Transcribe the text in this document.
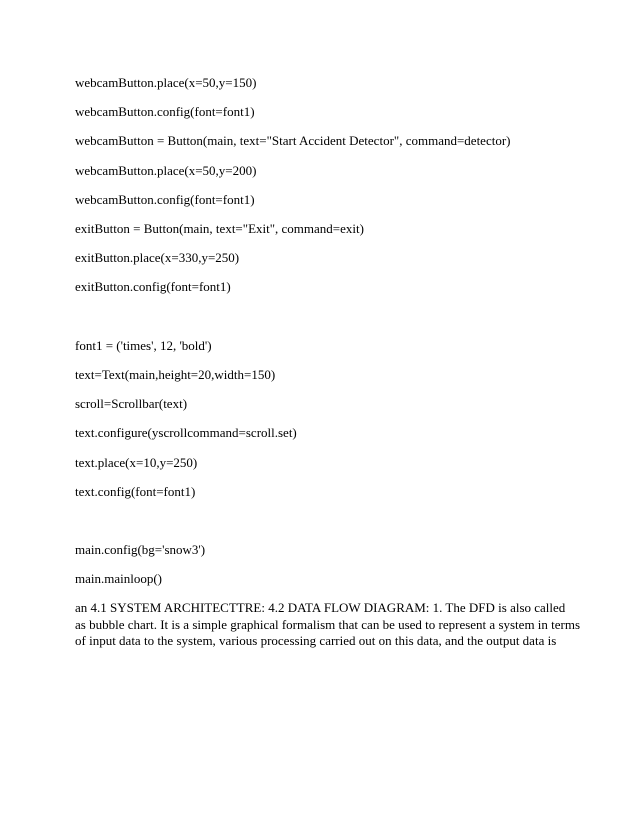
webcamButton.place(x=50,y=150)
webcamButton.config(font=font1)
webcamButton = Button(main, text="Start Accident Detector", command=detector)
webcamButton.place(x=50,y=200)
webcamButton.config(font=font1)
exitButton = Button(main, text="Exit", command=exit)
exitButton.place(x=330,y=250)
exitButton.config(font=font1)
font1 = ('times', 12, 'bold')
text=Text(main,height=20,width=150)
scroll=Scrollbar(text)
text.configure(yscrollcommand=scroll.set)
text.place(x=10,y=250)
text.config(font=font1)
main.config(bg='snow3')
main.mainloop()
an 4.1 SYSTEM ARCHITECTTRE: 4.2 DATA FLOW DIAGRAM: 1. The DFD is also called
as bubble chart. It is a simple graphical formalism that can be used to represent a system in terms
of input data to the system, various processing carried out on this data, and the output data is
